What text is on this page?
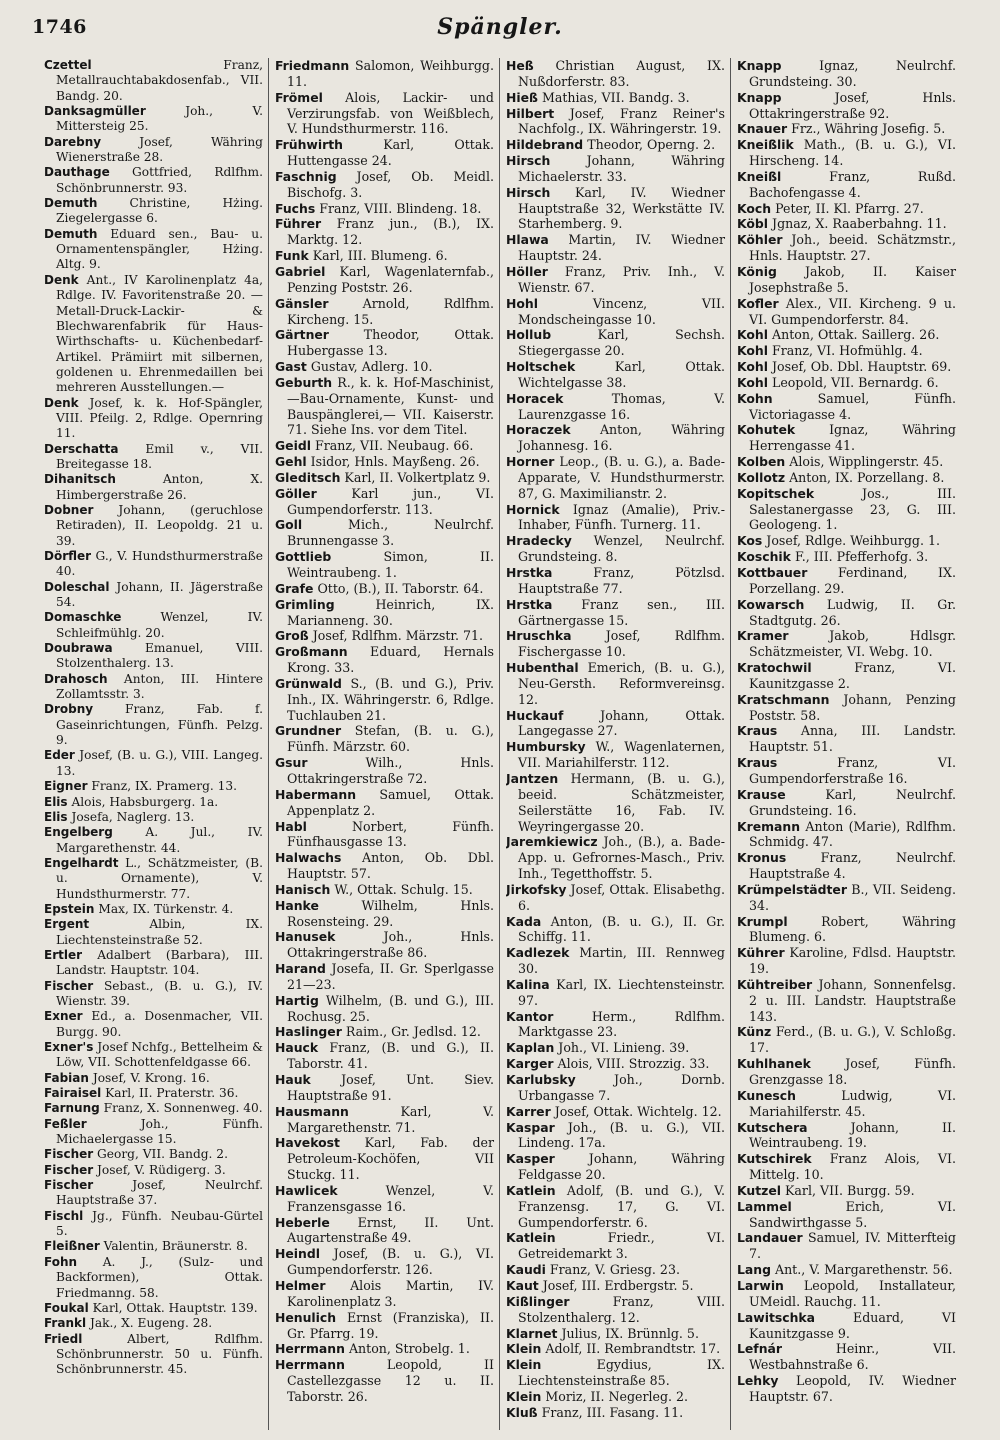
1746	Spängler.
Czettel	Franz, Metallrauchtabakdosenfab., VII. Bandg. 20.
Danksagmüller	Joh., V. Mittersteig 25.
Darebny	Josef, Währing Wienerstraße 28.
Dauthage Gottfried, Rdlfhm. Schönbrunnerstr. 93.
Demuth	Christine, Hżing. Ziegelergasse 6.
Demuth Eduard sen., Bau- u. Ornamentenspängler, Hżing. Altg. 9.
Denk Ant., IV Karolinenplatz 4a, Rdlge. IV. Favoritenstraße 20. —Metall-Druck-Lackir- & Blechwarenfabrik für Haus- Wirthschafts- u. Küchenbedarf-Artikel. Prämiirt mit silbernen, goldenen u. Ehrenmedaillen bei mehreren Ausstellungen.—
Denk Josef, k. k. Hof-Spängler, VIII. Pfeilg. 2, Rdlge. Opernring 11.
Derschatta Emil v., VII. Breitegasse 18.
Dihanitsch	Anton, X. Himbergerstraße 26.
Dobner Johann, (geruchlose Retiraden), II. Leopoldg. 21 u. 39.
Dörfler G., V. Hundsthurmerstraße 40.
Doleschal Johann, II. Jägerstraße 54.
Domaschke	Wenzel, IV. Schleifmühlg. 20.
Doubrawa	Emanuel, VIII. Stolzenthalerg. 13.
Drahosch Anton, III. Hintere Zollamtsstr. 3.
Drobny	Franz, Fab. f. Gaseinrichtungen, Fünfh. Pelzg. 9.
Eder Josef, (B. u. G.), VIII. Langeg. 13.
Eigner Franz, IX. Pramerg. 13.
Elis Alois, Habsburgerg. 1a.
Elis Josefa, Naglerg. 13.
Engelberg	A. Jul., IV. Margarethenstr. 44.
Engelhardt L., Schätzmeister, (B. u. Ornamente), V. Hundsthurmerstr. 77.
Epstein Max, IX. Türkenstr. 4.
Ergent	Albin, IX. Liechtensteinstraße 52.
Ertler Adalbert (Barbara), III. Landstr. Hauptstr. 104.
Fischer Sebast., (B. u. G.), IV. Wienstr. 39.
Exner Ed., a. Dosenmacher, VII. Burgg. 90.
Exner's Josef Nchfg., Bettelheim & Löw, VII. Schottenfeldgasse 66.
Fabian Josef, V. Krong. 16.
Fairaisel Karl, II. Praterstr. 36.
Farnung Franz, X. Sonnenweg. 40.
Feßler	Joh., Fünfh. Michaelergasse 15.
Fischer Georg, VII. Bandg. 2.
Fischer Josef, V. Rüdigerg. 3.
Fischer	Josef, Neulrchf. Hauptstraße 37.
Fischl Jg., Fünfh. Neubau-Gürtel 5.
Fleißner Valentin, Bräunerstr. 8.
Fohn A. J., (Sulz- und Backformen), Ottak. Friedmanng. 58.
Foukal Karl, Ottak. Hauptstr. 139.
Frankl Jak., X. Eugeng. 28.
Friedl	Albert, Rdlfhm. Schönbrunnerstr. 50 u. Fünfh. Schönbrunnerstr. 45.
Friedmann Salomon, Weihburgg. 11.
Frömel Alois, Lackir- und Verzirungsfab. von Weißblech, V. Hundsthurmerstr. 116.
Frühwirth	Karl, Ottak. Huttengasse 24.
Faschnig Josef, Ob. Meidl. Bischofg. 3.
Fuchs Franz, VIII. Blindeng. 18.
Führer Franz jun., (B.), IX. Marktg. 12.
Funk Karl, III. Blumeng. 6.
Gabriel Karl, Wagenlaternfab., Penzing Poststr. 26.
Gänsler	Arnold, Rdlfhm. Kircheng. 15.
Gärtner	Theodor, Ottak. Hubergasse 13.
Gast Gustav, Adlerg. 10.
Geburth R., k. k. Hof-Maschinist, —Bau-Ornamente, Kunst- und Bauspänglerei,— VII. Kaiserstr. 71. Siehe Ins. vor dem Titel.
Geidl Franz, VII. Neubaug. 66.
Gehl Isidor, Hnls. Mayßeng. 26.
Gleditsch Karl, II. Volkertplatz 9.
Göller	Karl jun., VI. Gumpendorferstr. 113.
Goll	Mich., Neulrchf. Brunnengasse 3.
Gottlieb	Simon, II. Weintraubeng. 1.
Grafe Otto, (B.), II. Taborstr. 64.
Grimling	Heinrich, IX. Marianneng. 30.
Groß Josef, Rdlfhm. Märzstr. 71.
Großmann Eduard, Hernals Krong. 33.
Grünwald S., (B. und G.), Priv. Inh., IX. Währingerstr. 6, Rdlge. Tuchlauben 21.
Grundner Stefan, (B. u. G.), Fünfh. Märzstr. 60.
Gsur	Wilh., Hnls. Ottakringerstraße 72.
Habermann Samuel, Ottak. Appenplatz 2.
Habl	Norbert, Fünfh. Fünfhausgasse 13.
Halwachs Anton, Ob. Dbl. Hauptstr. 57.
Hanisch W., Ottak. Schulg. 15.
Hanke	Wilhelm, Hnls. Rosensteing. 29.
Hanusek	Joh., Hnls. Ottakringerstraße 86.
Harand Josefa, II. Gr. Sperlgasse 21—23.
Hartig Wilhelm, (B. und G.), III. Rochusg. 25.
Haslinger Raim., Gr. Jedlsd. 12.
Hauck Franz, (B. und G.), II. Taborstr. 41.
Hauk Josef, Unt. Siev. Hauptstraße 91.
Hausmann	Karl, V. Margarethenstr. 71.
Havekost Karl, Fab. der Petroleum-Kochöfen, VII Stuckg. 11.
Hawlicek	Wenzel, V. Franzensgasse 16.
Heberle Ernst, II. Unt. Augartenstraße 49.
Heindl Josef, (B. u. G.), VI. Gumpendorferstr. 126.
Helmer Alois Martin, IV. Karolinenplatz 3.
Henulich Ernst (Franziska), II. Gr. Pfarrg. 19.
Herrmann Anton, Strobelg. 1.
Herrmann	Leopold, II Castellezgasse 12 u. II. Taborstr. 26.
Heß Christian August, IX. Nußdorferstr. 83.
Hieß Mathias, VII. Bandg. 3.
Hilbert Josef, Franz Reiner's Nachfolg., IX. Währingerstr. 19.
Hildebrand Theodor, Operng. 2.
Hirsch	Johann, Währing Michaelerstr. 33.
Hirsch Karl, IV. Wiedner Hauptstraße 32, Werkstätte IV. Starhemberg. 9.
Hlawa Martin, IV. Wiedner Hauptstr. 24.
Höller Franz, Priv. Inh., V. Wienstr. 67.
Hohl	Vincenz, VII. Mondscheingasse 10.
Hollub	Karl, Sechsh. Stiegergasse 20.
Holtschek	Karl, Ottak. Wichtelgasse 38.
Horacek	Thomas, V. Laurenzgasse 16.
Horaczek Anton, Währing Johannesg. 16.
Horner Leop., (B. u. G.), a. Bade-Apparate, V. Hundsthurmerstr. 87, G. Maximilianstr. 2.
Hornick Ignaz (Amalie), Priv.-Inhaber, Fünfh. Turnerg. 11.
Hradecky Wenzel, Neulrchf. Grundsteing. 8.
Hrstka	Franz, Pötzlsd. Hauptstraße 77.
Hrstka Franz sen., III. Gärtnergasse 15.
Hruschka	Josef, Rdlfhm. Fischergasse 10.
Hubenthal Emerich, (B. u. G.), Neu-Gersth. Reformvereinsg. 12.
Huckauf	Johann, Ottak. Langegasse 27.
Humbursky W., Wagenlaternen, VII. Mariahilferstr. 112.
Jantzen Hermann, (B. u. G.), beeid. Schätzmeister, Seilerstätte 16, Fab. IV. Weyringergasse 20.
Jaremkiewicz Joh., (B.), a. Bade-App. u. Gefrornes-Masch., Priv. Inh., Tegetthoffstr. 5.
Jirkofsky Josef, Ottak. Elisabethg. 6.
Kada Anton, (B. u. G.), II. Gr. Schiffg. 11.
Kadlezek Martin, III. Rennweg 30.
Kalina Karl, IX. Liechtensteinstr. 97.
Kantor	Herm., Rdlfhm. Marktgasse 23.
Kaplan Joh., VI. Linieng. 39.
Karger Alois, VIII. Strozzig. 33.
Karlubsky	Joh., Dornb. Urbangasse 7.
Karrer Josef, Ottak. Wichtelg. 12.
Kaspar Joh., (B. u. G.), VII. Lindeng. 17a.
Kasper	Johann, Währing Feldgasse 20.
Katlein Adolf, (B. und G.), V. Franzensg. 17, G. VI. Gumpendorferstr. 6.
Katlein	Friedr., VI. Getreidemarkt 3.
Kaudi Franz, V. Griesg. 23.
Kaut Josef, III. Erdbergstr. 5.
Kißlinger	Franz, VIII. Stolzenthalerg. 12.
Klarnet Julius, IX. Brünnlg. 5.
Klein Adolf, II. Rembrandtstr. 17.
Klein	Egydius, IX. Liechtensteinstraße 85.
Klein Moriz, II. Negerleg. 2.
Kluß Franz, III. Fasang. 11.
Knapp	Ignaz, Neulrchf. Grundsteing. 30.
Knapp	Josef, Hnls. Ottakringerstraße 92.
Knauer Frz., Währing Josefig. 5.
Kneißlik Math., (B. u. G.), VI. Hirscheng. 14.
Kneißl	Franz, Rußd. Bachofengasse 4.
Koch Peter, II. Kl. Pfarrg. 27.
Köbl Jgnaz, X. Raaberbahng. 11.
Köhler Joh., beeid. Schätzmstr., Hnls. Hauptstr. 27.
König Jakob, II. Kaiser Josephstraße 5.
Kofler Alex., VII. Kircheng. 9 u. VI. Gumpendorferstr. 84.
Kohl Anton, Ottak. Saillerg. 26.
Kohl Franz, VI. Hofmühlg. 4.
Kohl Josef, Ob. Dbl. Hauptstr. 69.
Kohl Leopold, VII. Bernardg. 6.
Kohn	Samuel, Fünfh. Victoriagasse 4.
Kohutek	Ignaz, Währing Herrengasse 41.
Kolben Alois, Wipplingerstr. 45.
Kollotz Anton, IX. Porzellang. 8.
Kopitschek	Jos., III. Salestanergasse 23, G. III. Geologeng. 1.
Kos Josef, Rdlge. Weihburgg. 1.
Koschik F., III. Pfefferhofg. 3.
Kottbauer Ferdinand, IX. Porzellang. 29.
Kowarsch Ludwig, II. Gr. Stadtgutg. 26.
Kramer	Jakob, Hdlsgr. Schätzmeister, VI. Webg. 10.
Kratochwil	Franz, VI. Kaunitzgasse 2.
Kratschmann Johann, Penzing Poststr. 58.
Kraus Anna, III. Landstr. Hauptstr. 51.
Kraus	Franz, VI. Gumpendorferstraße 16.
Krause	Karl, Neulrchf. Grundsteing. 16.
Kremann Anton (Marie), Rdlfhm. Schmidg. 47.
Kronus	Franz, Neulrchf. Hauptstraße 4.
Krümpelstädter B., VII. Seideng. 34.
Krumpl	Robert, Währing Blumeng. 6.
Kührer Karoline, Fdlsd. Hauptstr. 19.
Kühtreiber Johann, Sonnenfelsg. 2 u. III. Landstr. Hauptstraße 143.
Künz Ferd., (B. u. G.), V. Schloßg. 17.
Kuhlhanek	Josef, Fünfh. Grenzgasse 18.
Kunesch	Ludwig, VI. Mariahilferstr. 45.
Kutschera	Johann, II. Weintraubeng. 19.
Kutschirek Franz Alois, VI. Mittelg. 10.
Kutzel Karl, VII. Burgg. 59.
Lammel	Erich, VI. Sandwirthgasse 5.
Landauer Samuel, IV. Mitterfteig 7.
Lang Ant., V. Margarethenstr. 56.
Larwin Leopold, Installateur, UMeidl. Rauchg. 11.
Lawitschka	Eduard, VI Kaunitzgasse 9.
Lefnár	Heinr., VII. Westbahnstraße 6.
Lehky Leopold, IV. Wiedner Hauptstr. 67.
